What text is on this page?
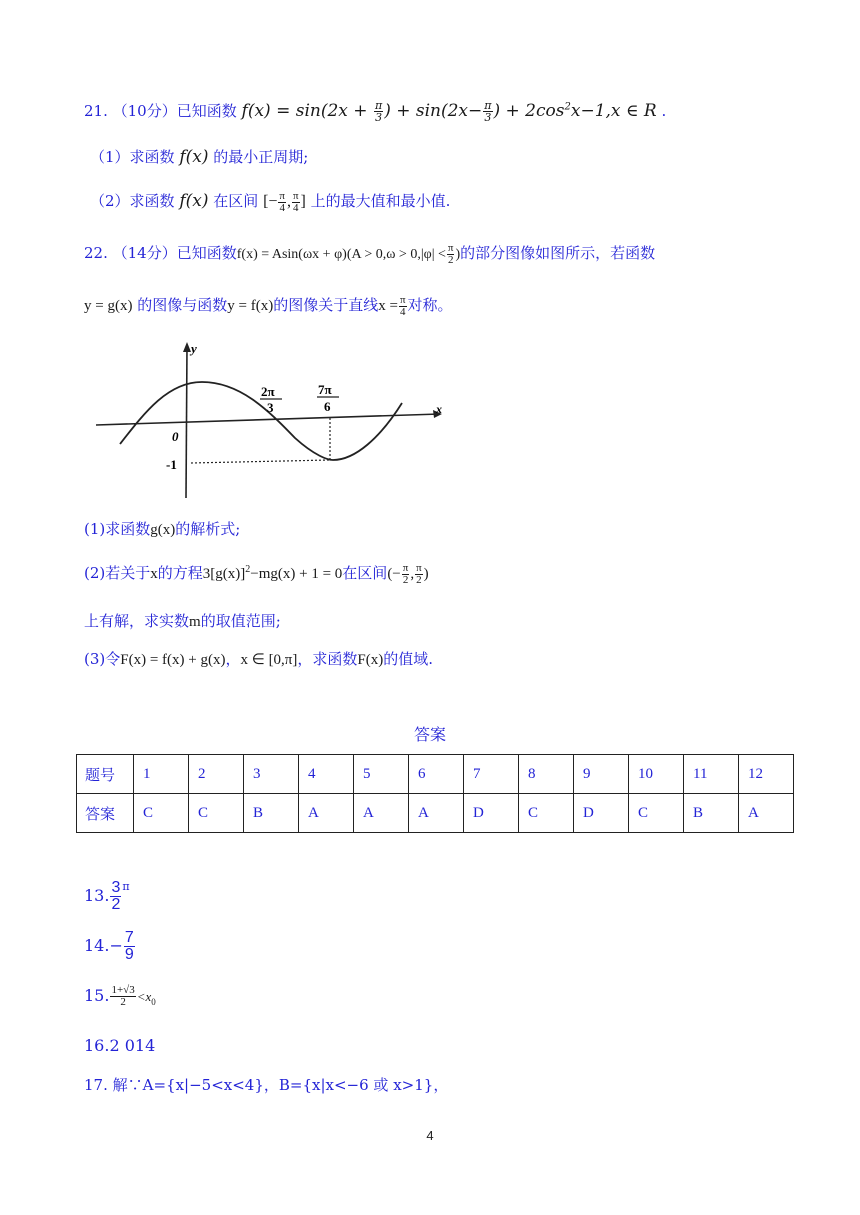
21. （10分）已知函数 $f(x) = \sin(2x + \frac{\pi}{3}$ ) + $\sin(2x- \frac{\pi}{3}$ ) + $2\cos^2x-1,x$ ∈ R .
（1）求函数 f(x) 的最小正周期;
（2）求函数 f(x) 在区间 [− $\frac{\pi}{4}$ , $\frac{\pi}{4}$ ] 上的最大值和最小值.
22. （14分）已知函数$f(x) = Asin(\omega x + \varphi)(A > 0,\omega > 0,|\varphi| < \frac{\pi}{2}$ )的部分图像如图所示，若函数
y = g(x) 的图像与函数y = f(x)的图像关于直线$x = \frac{\pi}{4}$ 对称。
y
x
0
-1
2π
3
7π
6
(1)求函数g(x)的解析式;
(2)若关于x的方程$3[g(x)]^2-mg(x) + 1 = 0$在区间(− $\frac{\pi}{2}$ , $\frac{\pi}{2}$ )
上有解，求实数m的取值范围;
(3)令F(x) = f(x) + g(x)，x ∈ [0,π]，求函数F(x)的值域.
答案
题号	1	2	3	4	5	6	7	8	9	10	11	12
答案	C	C	B	A	A	A	D	C	D	C	B	A
13. $\frac{3}{2} ^\pi$
$14.- \frac{7}{9}$
15. $\frac{1+√3}{2} <x_0$
16.2 014
17. 解∵A={x|−5<x<4}，B={x|x<−6 或 x>1}，
4
